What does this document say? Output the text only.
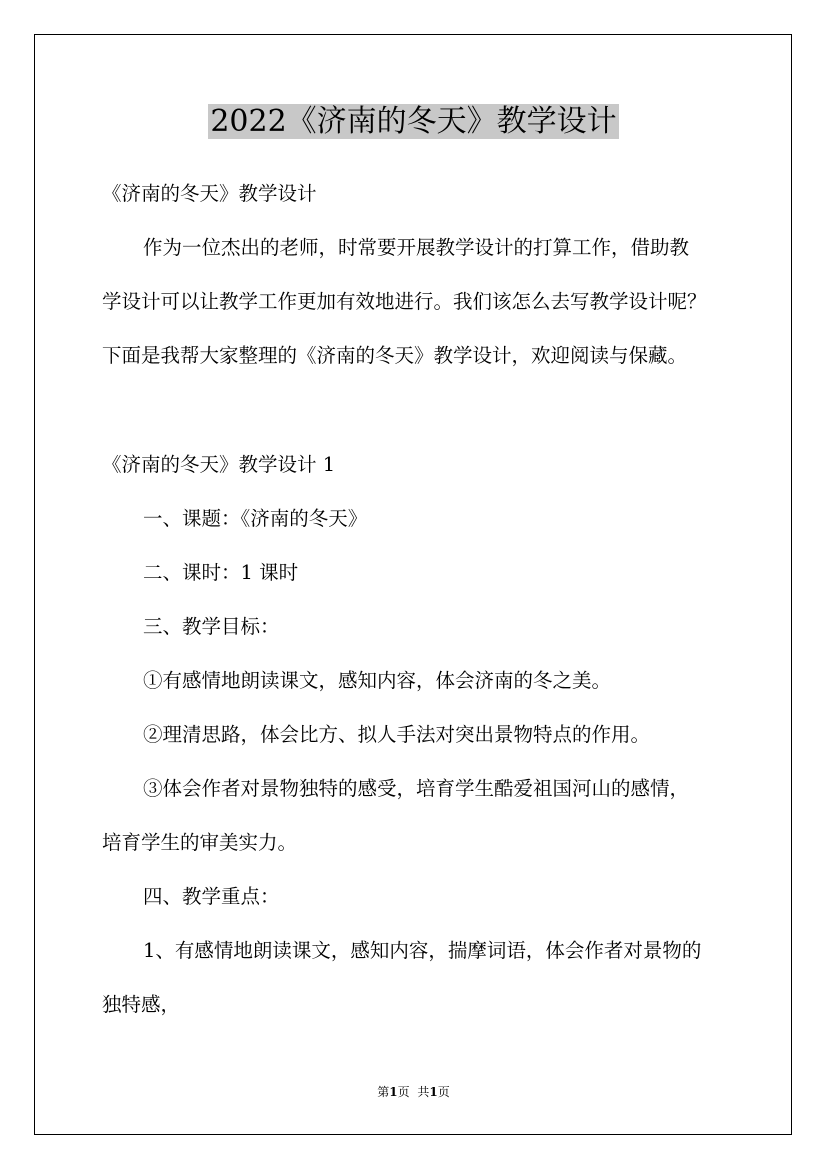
2022《济南的冬天》教学设计
《济南的冬天》教学设计
作为一位杰出的老师，时常要开展教学设计的打算工作，借助教
学设计可以让教学工作更加有效地进行。我们该怎么去写教学设计呢？
下面是我帮大家整理的《济南的冬天》教学设计，欢迎阅读与保藏。
《济南的冬天》教学设计 1
一、课题：《济南的冬天》
二、课时：1 课时
三、教学目标：
①有感情地朗读课文，感知内容，体会济南的冬之美。
②理清思路，体会比方、拟人手法对突出景物特点的作用。
③体会作者对景物独特的感受，培育学生酷爱祖国河山的感情，
培育学生的审美实力。
四、教学重点：
1、有感情地朗读课文，感知内容，揣摩词语，体会作者对景物的
独特感，
第1页 共1页
